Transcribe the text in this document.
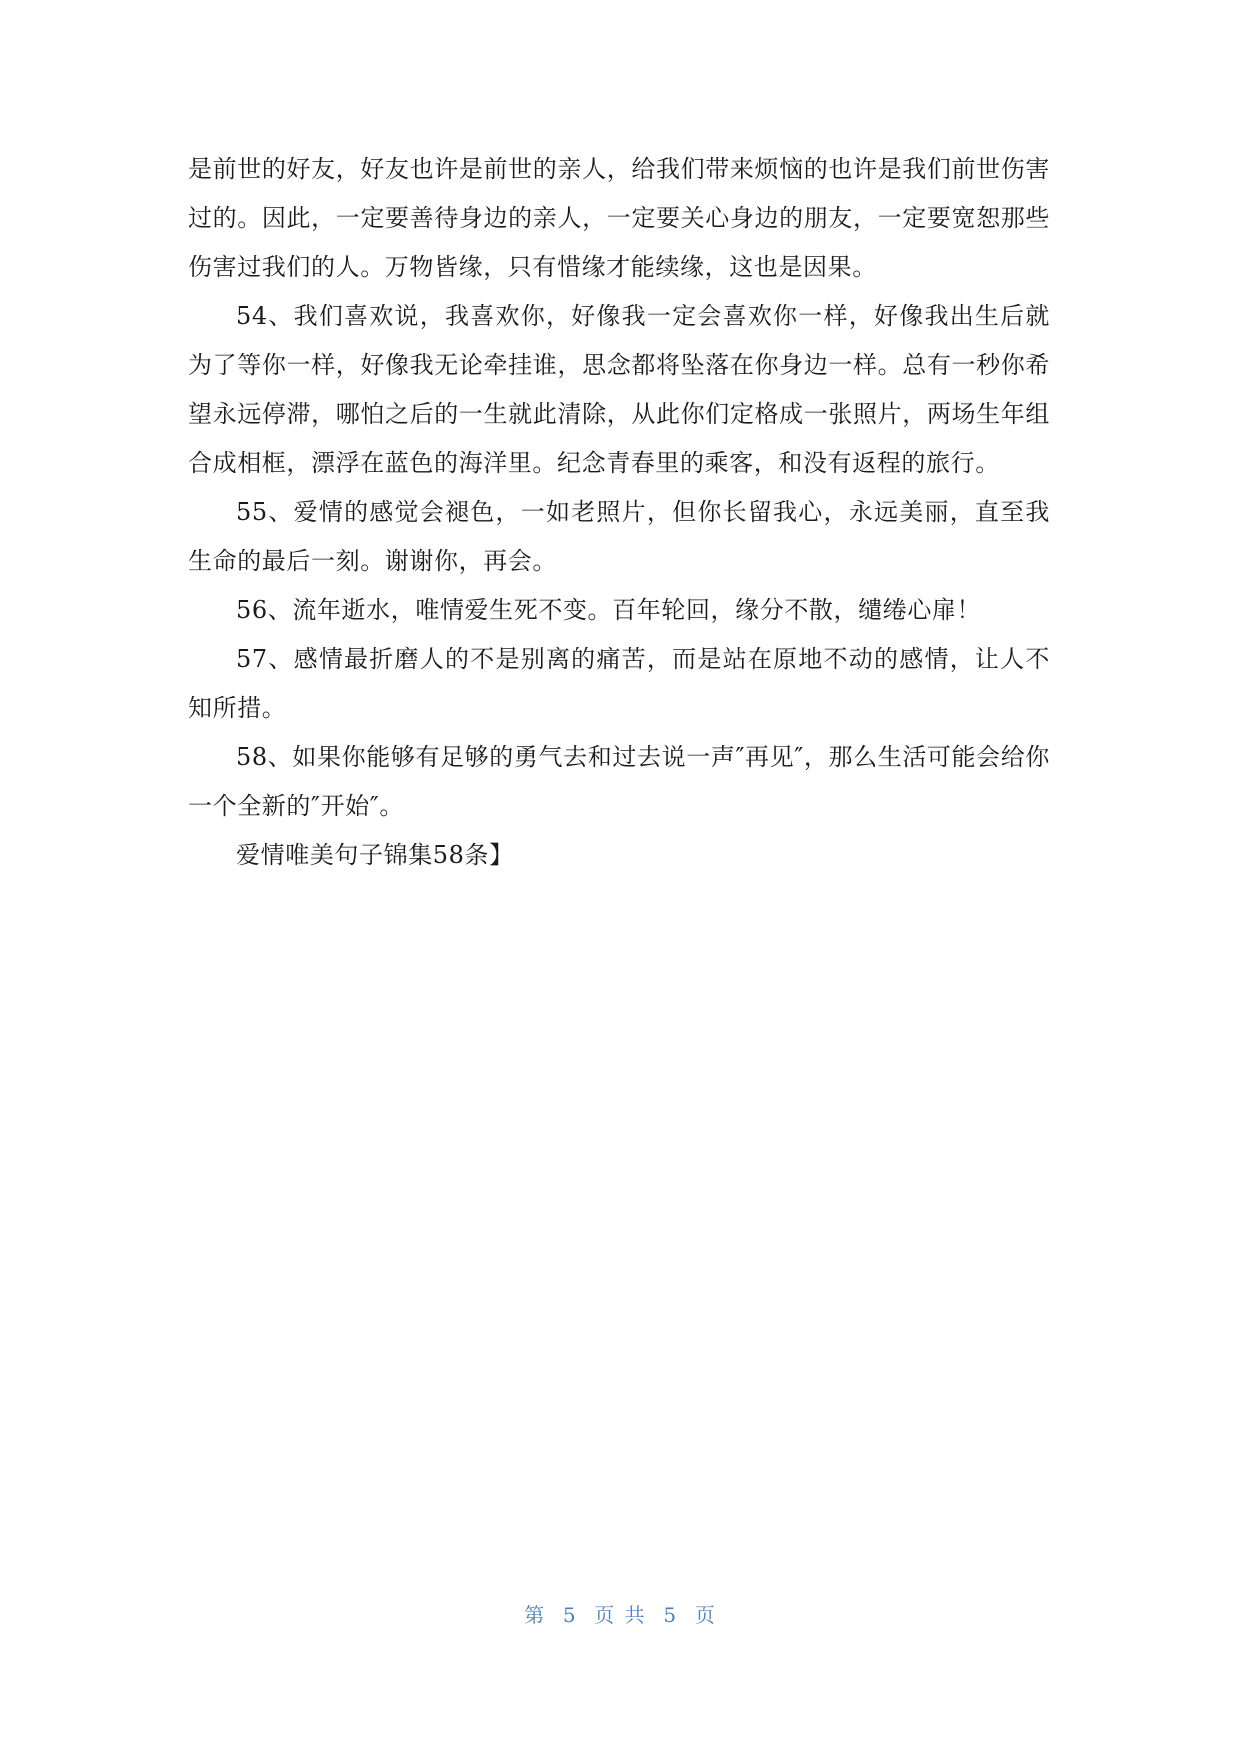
是前世的好友，好友也许是前世的亲人，给我们带来烦恼的也许是我们前世伤害过的。因此，一定要善待身边的亲人，一定要关心身边的朋友，一定要宽恕那些伤害过我们的人。万物皆缘，只有惜缘才能续缘，这也是因果。

54、我们喜欢说，我喜欢你，好像我一定会喜欢你一样，好像我出生后就为了等你一样，好像我无论牵挂谁，思念都将坠落在你身边一样。总有一秒你希望永远停滞，哪怕之后的一生就此清除，从此你们定格成一张照片，两场生年组合成相框，漂浮在蓝色的海洋里。纪念青春里的乘客，和没有返程的旅行。

55、爱情的感觉会褪色，一如老照片，但你长留我心，永远美丽，直至我生命的最后一刻。谢谢你，再会。

56、流年逝水，唯情爱生死不变。百年轮回，缘分不散，缱绻心扉！

57、感情最折磨人的不是别离的痛苦，而是站在原地不动的感情，让人不知所措。

58、如果你能够有足够的勇气去和过去说一声″再见″，那么生活可能会给你一个全新的″开始″。

爱情唯美句子锦集58条】

第  5  页 共  5  页
